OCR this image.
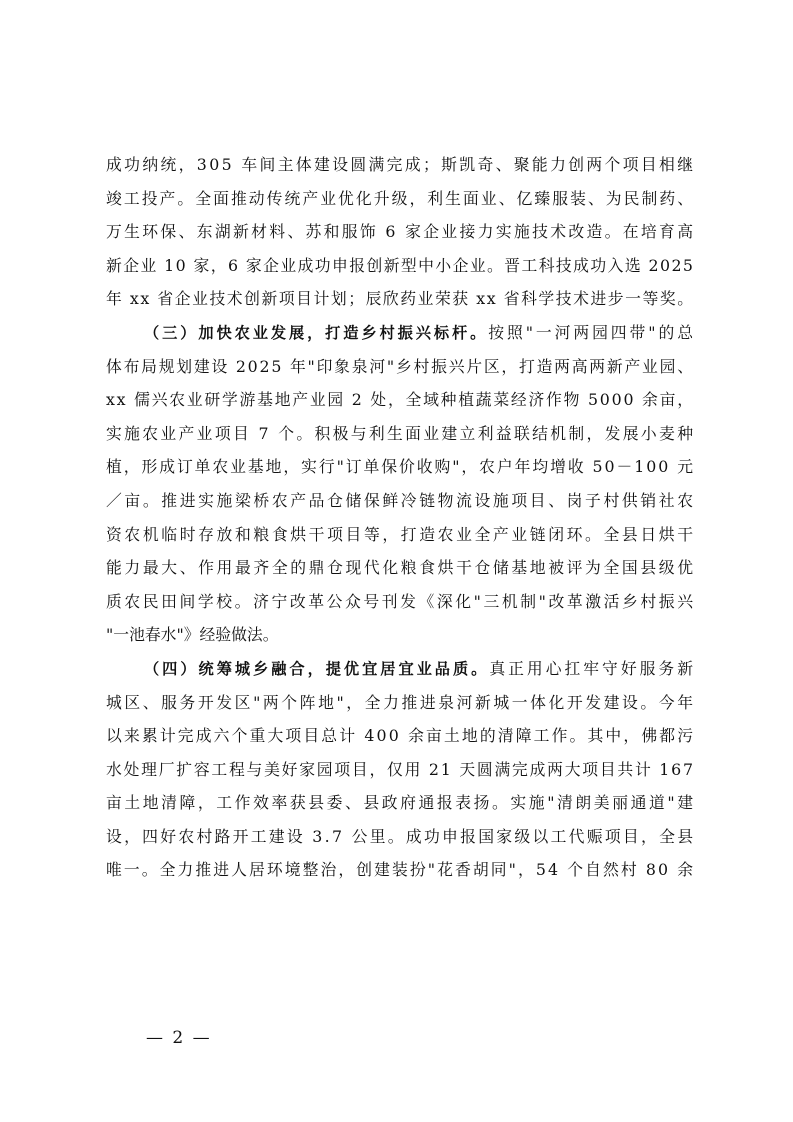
成功纳统，305 车间主体建设圆满完成；斯凯奇、聚能力创两个项目相继
竣工投产。全面推动传统产业优化升级，利生面业、亿臻服装、为民制药、
万生环保、东湖新材料、苏和服饰 6 家企业接力实施技术改造。在培育高
新企业 10 家，6 家企业成功申报创新型中小企业。晋工科技成功入选 2025
年 xx 省企业技术创新项目计划；辰欣药业荣获 xx 省科学技术进步一等奖。
（三）加快农业发展，打造乡村振兴标杆。按照"一河两园四带"的总
体布局规划建设 2025 年"印象泉河"乡村振兴片区，打造两高两新产业园、
xx 儒兴农业研学游基地产业园 2 处，全域种植蔬菜经济作物 5000 余亩，
实施农业产业项目 7 个。积极与利生面业建立利益联结机制，发展小麦种
植，形成订单农业基地，实行"订单保价收购"，农户年均增收 50－100 元
／亩。推进实施梁桥农产品仓储保鲜冷链物流设施项目、岗子村供销社农
资农机临时存放和粮食烘干项目等，打造农业全产业链闭环。全县日烘干
能力最大、作用最齐全的鼎仓现代化粮食烘干仓储基地被评为全国县级优
质农民田间学校。济宁改革公众号刊发《深化"三机制"改革激活乡村振兴
"一池春水"》经验做法。
（四）统筹城乡融合，提优宜居宜业品质。真正用心扛牢守好服务新
城区、服务开发区"两个阵地"，全力推进泉河新城一体化开发建设。今年
以来累计完成六个重大项目总计 400 余亩土地的清障工作。其中，佛都污
水处理厂扩容工程与美好家园项目，仅用 21 天圆满完成两大项目共计 167
亩土地清障，工作效率获县委、县政府通报表扬。实施"清朗美丽通道"建
设，四好农村路开工建设 3.7 公里。成功申报国家级以工代赈项目，全县
唯一。全力推进人居环境整治，创建装扮"花香胡同"，54 个自然村 80 余
— 2 —
